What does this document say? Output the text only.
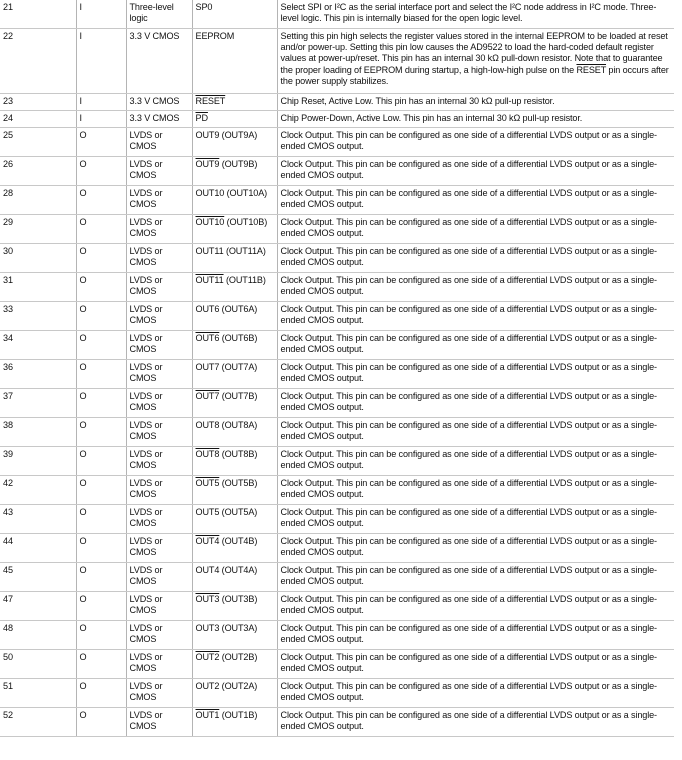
21	I	Three-level logic	SP0	Select SPI or I²C as the serial interface port and select the I²C node address in I²C mode. Three-level logic. This pin is internally biased for the open logic level.
22	I	3.3 V CMOS	EEPROM	Setting this pin high selects the register values stored in the internal EEPROM to be loaded at reset and/or power-up. Setting this pin low causes the AD9522 to load the hard-coded default register values at power-up/reset. This pin has an internal 30 kΩ pull-down resistor. Note that to guarantee the proper loading of EEPROM during startup, a high-low-high pulse on the RESET pin occurs after the power supply stabilizes.
23	I	3.3 V CMOS	RESET	Chip Reset, Active Low. This pin has an internal 30 kΩ pull-up resistor.
24	I	3.3 V CMOS	$\overline{PD}$	Chip Power-Down, Active Low. This pin has an internal 30 kΩ pull-up resistor.
25	O	LVDS or CMOS	OUT9 (OUT9A)	Clock Output. This pin can be configured as one side of a differential LVDS output or as a single-ended CMOS output.
26	O	LVDS or CMOS	OUT9 (OUT9B)	Clock Output. This pin can be configured as one side of a differential LVDS output or as a single-ended CMOS output.
28	O	LVDS or CMOS	OUT10 (OUT10A)	Clock Output. This pin can be configured as one side of a differential LVDS output or as a single-ended CMOS output.
29	O	LVDS or CMOS	OUT10 (OUT10B)	Clock Output. This pin can be configured as one side of a differential LVDS output or as a single-ended CMOS output.
30	O	LVDS or CMOS	OUT11 (OUT11A)	Clock Output. This pin can be configured as one side of a differential LVDS output or as a single-ended CMOS output.
31	O	LVDS or CMOS	OUT11 (OUT11B)	Clock Output. This pin can be configured as one side of a differential LVDS output or as a single-ended CMOS output.
33	O	LVDS or CMOS	OUT6 (OUT6A)	Clock Output. This pin can be configured as one side of a differential LVDS output or as a single-ended CMOS output.
34	O	LVDS or CMOS	OUT6 (OUT6B)	Clock Output. This pin can be configured as one side of a differential LVDS output or as a single-ended CMOS output.
36	O	LVDS or CMOS	OUT7 (OUT7A)	Clock Output. This pin can be configured as one side of a differential LVDS output or as a single-ended CMOS output.
37	O	LVDS or CMOS	OUT7 (OUT7B)	Clock Output. This pin can be configured as one side of a differential LVDS output or as a single-ended CMOS output.
38	O	LVDS or CMOS	OUT8 (OUT8A)	Clock Output. This pin can be configured as one side of a differential LVDS output or as a single-ended CMOS output.
39	O	LVDS or CMOS	OUT8 (OUT8B)	Clock Output. This pin can be configured as one side of a differential LVDS output or as a single-ended CMOS output.
42	O	LVDS or CMOS	OUT5 (OUT5B)	Clock Output. This pin can be configured as one side of a differential LVDS output or as a single-ended CMOS output.
43	O	LVDS or CMOS	OUT5 (OUT5A)	Clock Output. This pin can be configured as one side of a differential LVDS output or as a single-ended CMOS output.
44	O	LVDS or CMOS	OUT4 (OUT4B)	Clock Output. This pin can be configured as one side of a differential LVDS output or as a single-ended CMOS output.
45	O	LVDS or CMOS	OUT4 (OUT4A)	Clock Output. This pin can be configured as one side of a differential LVDS output or as a single-ended CMOS output.
47	O	LVDS or CMOS	OUT3 (OUT3B)	Clock Output. This pin can be configured as one side of a differential LVDS output or as a single-ended CMOS output.
48	O	LVDS or CMOS	OUT3 (OUT3A)	Clock Output. This pin can be configured as one side of a differential LVDS output or as a single-ended CMOS output.
50	O	LVDS or CMOS	OUT2 (OUT2B)	Clock Output. This pin can be configured as one side of a differential LVDS output or as a single-ended CMOS output.
51	O	LVDS or CMOS	OUT2 (OUT2A)	Clock Output. This pin can be configured as one side of a differential LVDS output or as a single-ended CMOS output.
52	O	LVDS or CMOS	OUT1 (OUT1B)	Clock Output. This pin can be configured as one side of a differential LVDS output or as a single-ended CMOS output.
